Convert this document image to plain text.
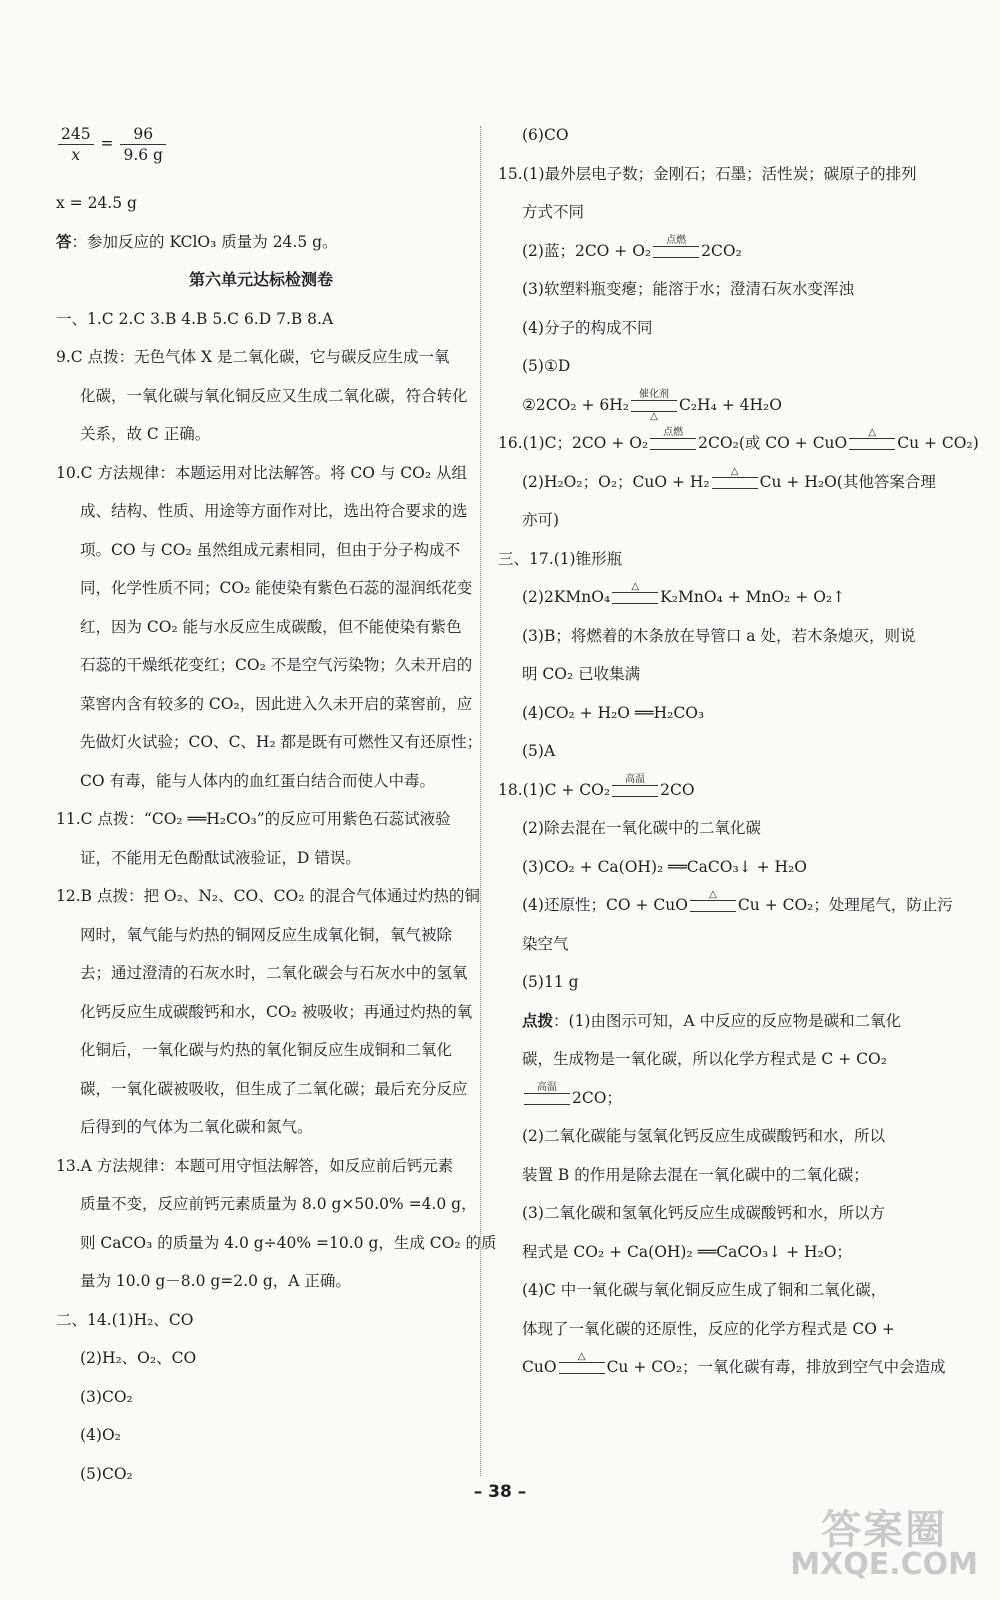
$\frac{245}{x} = \frac{96}{9.6 g}$
x = 24.5 g
答：参加反应的 KClO₃ 质量为 24.5 g。
第六单元达标检测卷
一、1.C 2.C 3.B 4.B 5.C 6.D 7.B 8.A
9.C 点拨：无色气体 X 是二氧化碳，它与碳反应生成一氧
化碳，一氧化碳与氧化铜反应又生成二氧化碳，符合转化
关系，故 C 正确。
10.C 方法规律：本题运用对比法解答。将 CO 与 CO₂ 从组
成、结构、性质、用途等方面作对比，选出符合要求的选
项。CO 与 CO₂ 虽然组成元素相同，但由于分子构成不
同，化学性质不同；CO₂ 能使染有紫色石蕊的湿润纸花变
红，因为 CO₂ 能与水反应生成碳酸，但不能使染有紫色
石蕊的干燥纸花变红；CO₂ 不是空气污染物；久未开启的
菜窖内含有较多的 CO₂，因此进入久未开启的菜窖前，应
先做灯火试验；CO、C、H₂ 都是既有可燃性又有还原性；
CO 有毒，能与人体内的血红蛋白结合而使人中毒。
11.C 点拨：“CO₂ ══H₂CO₃”的反应可用紫色石蕊试液验
证，不能用无色酚酞试液验证，D 错误。
12.B 点拨：把 O₂、N₂、CO、CO₂ 的混合气体通过灼热的铜
网时，氧气能与灼热的铜网反应生成氧化铜，氧气被除
去；通过澄清的石灰水时，二氧化碳会与石灰水中的氢氧
化钙反应生成碳酸钙和水，CO₂ 被吸收；再通过灼热的氧
化铜后，一氧化碳与灼热的氧化铜反应生成铜和二氧化
碳，一氧化碳被吸收，但生成了二氧化碳；最后充分反应
后得到的气体为二氧化碳和氮气。
13.A 方法规律：本题可用守恒法解答，如反应前后钙元素
质量不变，反应前钙元素质量为 8.0 g×50.0% =4.0 g，
则 CaCO₃ 的质量为 4.0 g÷40% =10.0 g，生成 CO₂ 的质
量为 10.0 g－8.0 g=2.0 g，A 正确。
二、14.(1)H₂、CO
(2)H₂、O₂、CO
(3)CO₂
(4)O₂
(5)CO₂
(6)CO
15.(1)最外层电子数；金刚石；石墨；活性炭；碳原子的排列
方式不同
(2)蓝；2CO + O₂
点燃
2CO₂
(3)软塑料瓶变瘪；能溶于水；澄清石灰水变浑浊
(4)分子的构成不同
(5)①D
②2CO₂ + 6H₂
催化剂
△
C₂H₄ + 4H₂O
16.(1)C；2CO + O₂
点燃
2CO₂(或 CO + CuO
△
Cu + CO₂)
(2)H₂O₂；O₂；CuO + H₂
△
Cu + H₂O(其他答案合理
亦可)
三、17.(1)锥形瓶
(2)2KMnO₄
△
K₂MnO₄ + MnO₂ + O₂↑
(3)B；将燃着的木条放在导管口 a 处，若木条熄灭，则说
明 CO₂ 已收集满
(4)CO₂ + H₂O ══H₂CO₃
(5)A
18.(1)C + CO₂
高温
2CO
(2)除去混在一氧化碳中的二氧化碳
(3)CO₂ + Ca(OH)₂ ══CaCO₃↓ + H₂O
(4)还原性；CO + CuO
△
Cu + CO₂；处理尾气，防止污
染空气
(5)11 g
点拨：(1)由图示可知，A 中反应的反应物是碳和二氧化
碳，生成物是一氧化碳，所以化学方程式是 C + CO₂
高温
2CO；
(2)二氧化碳能与氢氧化钙反应生成碳酸钙和水，所以
装置 B 的作用是除去混在一氧化碳中的二氧化碳；
(3)二氧化碳和氢氧化钙反应生成碳酸钙和水，所以方
程式是 CO₂ + Ca(OH)₂ ══CaCO₃↓ + H₂O；
(4)C 中一氧化碳与氧化铜反应生成了铜和二氧化碳，
体现了一氧化碳的还原性，反应的化学方程式是 CO +
CuO
△
Cu + CO₂；一氧化碳有毒，排放到空气中会造成
– 38 –
答案圈
MXQE.COM
